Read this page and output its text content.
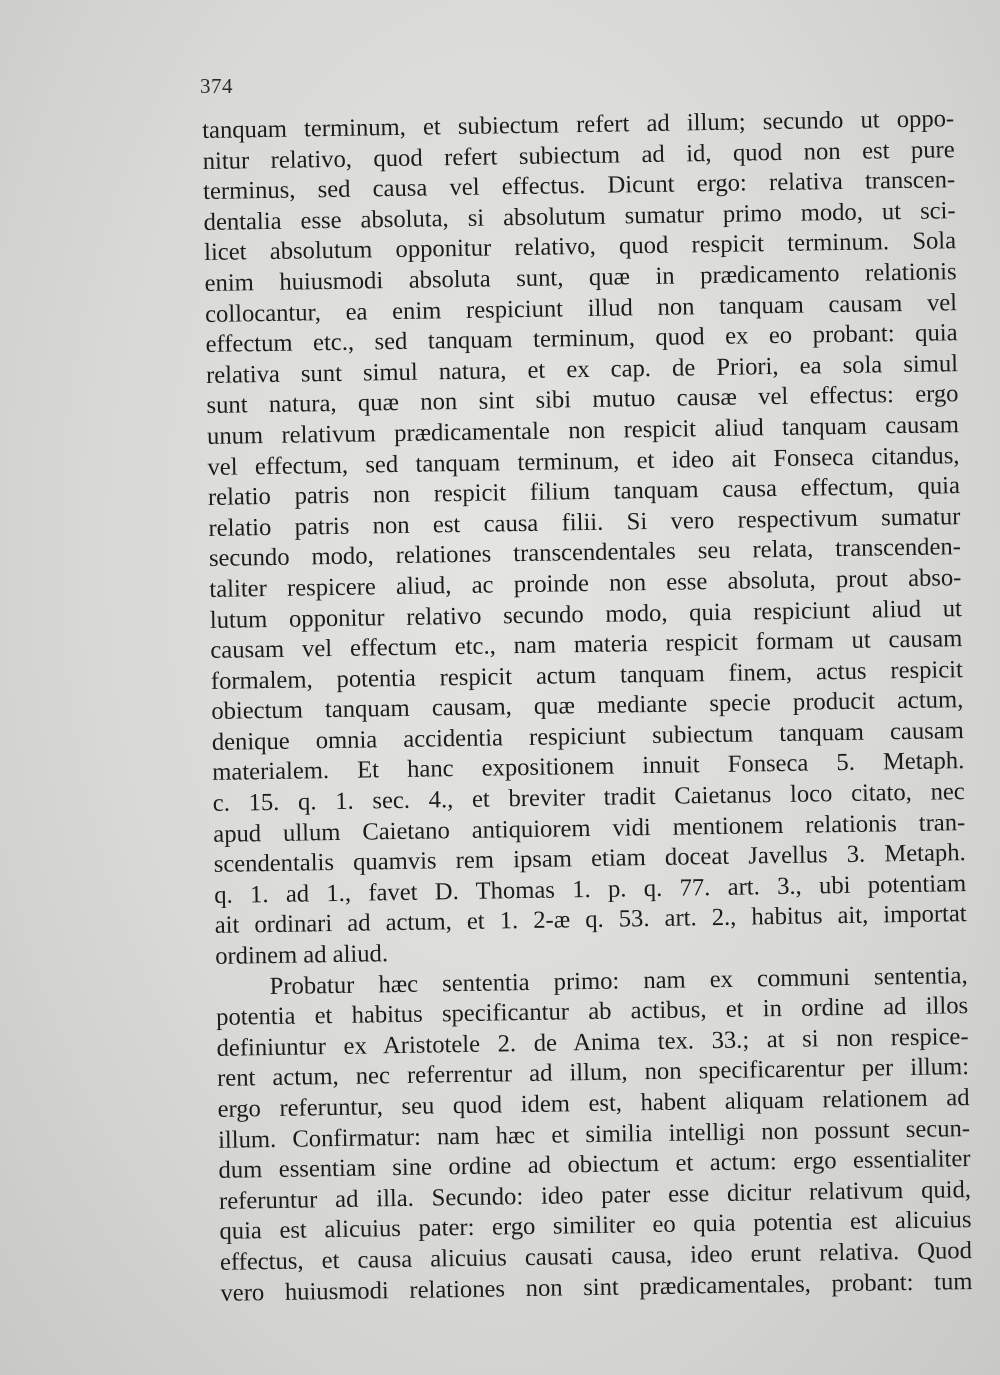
374
tanquam terminum, et subiectum refert ad illum; secundo ut oppo-
nitur relativo, quod refert subiectum ad id, quod non est pure
terminus, sed causa vel effectus. Dicunt ergo: relativa transcen-
dentalia esse absoluta, si absolutum sumatur primo modo, ut sci-
licet absolutum opponitur relativo, quod respicit terminum. Sola
enim huiusmodi absoluta sunt, quæ in prædicamento relationis
collocantur, ea enim respiciunt illud non tanquam causam vel
effectum etc., sed tanquam terminum, quod ex eo probant: quia
relativa sunt simul natura, et ex cap. de Priori, ea sola simul
sunt natura, quæ non sint sibi mutuo causæ vel effectus: ergo
unum relativum prædicamentale non respicit aliud tanquam causam
vel effectum, sed tanquam terminum, et ideo ait Fonseca citandus,
relatio patris non respicit filium tanquam causa effectum, quia
relatio patris non est causa filii. Si vero respectivum sumatur
secundo modo, relationes transcendentales seu relata, transcenden-
taliter respicere aliud, ac proinde non esse absoluta, prout abso-
lutum opponitur relativo secundo modo, quia respiciunt aliud ut
causam vel effectum etc., nam materia respicit formam ut causam
formalem, potentia respicit actum tanquam finem, actus respicit
obiectum tanquam causam, quæ mediante specie producit actum,
denique omnia accidentia respiciunt subiectum tanquam causam
materialem. Et hanc expositionem innuit Fonseca 5. Metaph.
c. 15. q. 1. sec. 4., et breviter tradit Caietanus loco citato, nec
apud ullum Caietano antiquiorem vidi mentionem relationis tran-
scendentalis quamvis rem ipsam etiam doceat Javellus 3. Metaph.
q. 1. ad 1., favet D. Thomas 1. p. q. 77. art. 3., ubi potentiam
ait ordinari ad actum, et 1. 2-æ q. 53. art. 2., habitus ait, importat
ordinem ad aliud.
Probatur hæc sententia primo: nam ex communi sententia,
potentia et habitus specificantur ab actibus, et in ordine ad illos
definiuntur ex Aristotele 2. de Anima tex. 33.; at si non respice-
rent actum, nec referrentur ad illum, non specificarentur per illum:
ergo referuntur, seu quod idem est, habent aliquam relationem ad
illum. Confirmatur: nam hæc et similia intelligi non possunt secun-
dum essentiam sine ordine ad obiectum et actum: ergo essentialiter
referuntur ad illa. Secundo: ideo pater esse dicitur relativum quid,
quia est alicuius pater: ergo similiter eo quia potentia est alicuius
effectus, et causa alicuius causati causa, ideo erunt relativa. Quod
vero huiusmodi relationes non sint prædicamentales, probant: tum
